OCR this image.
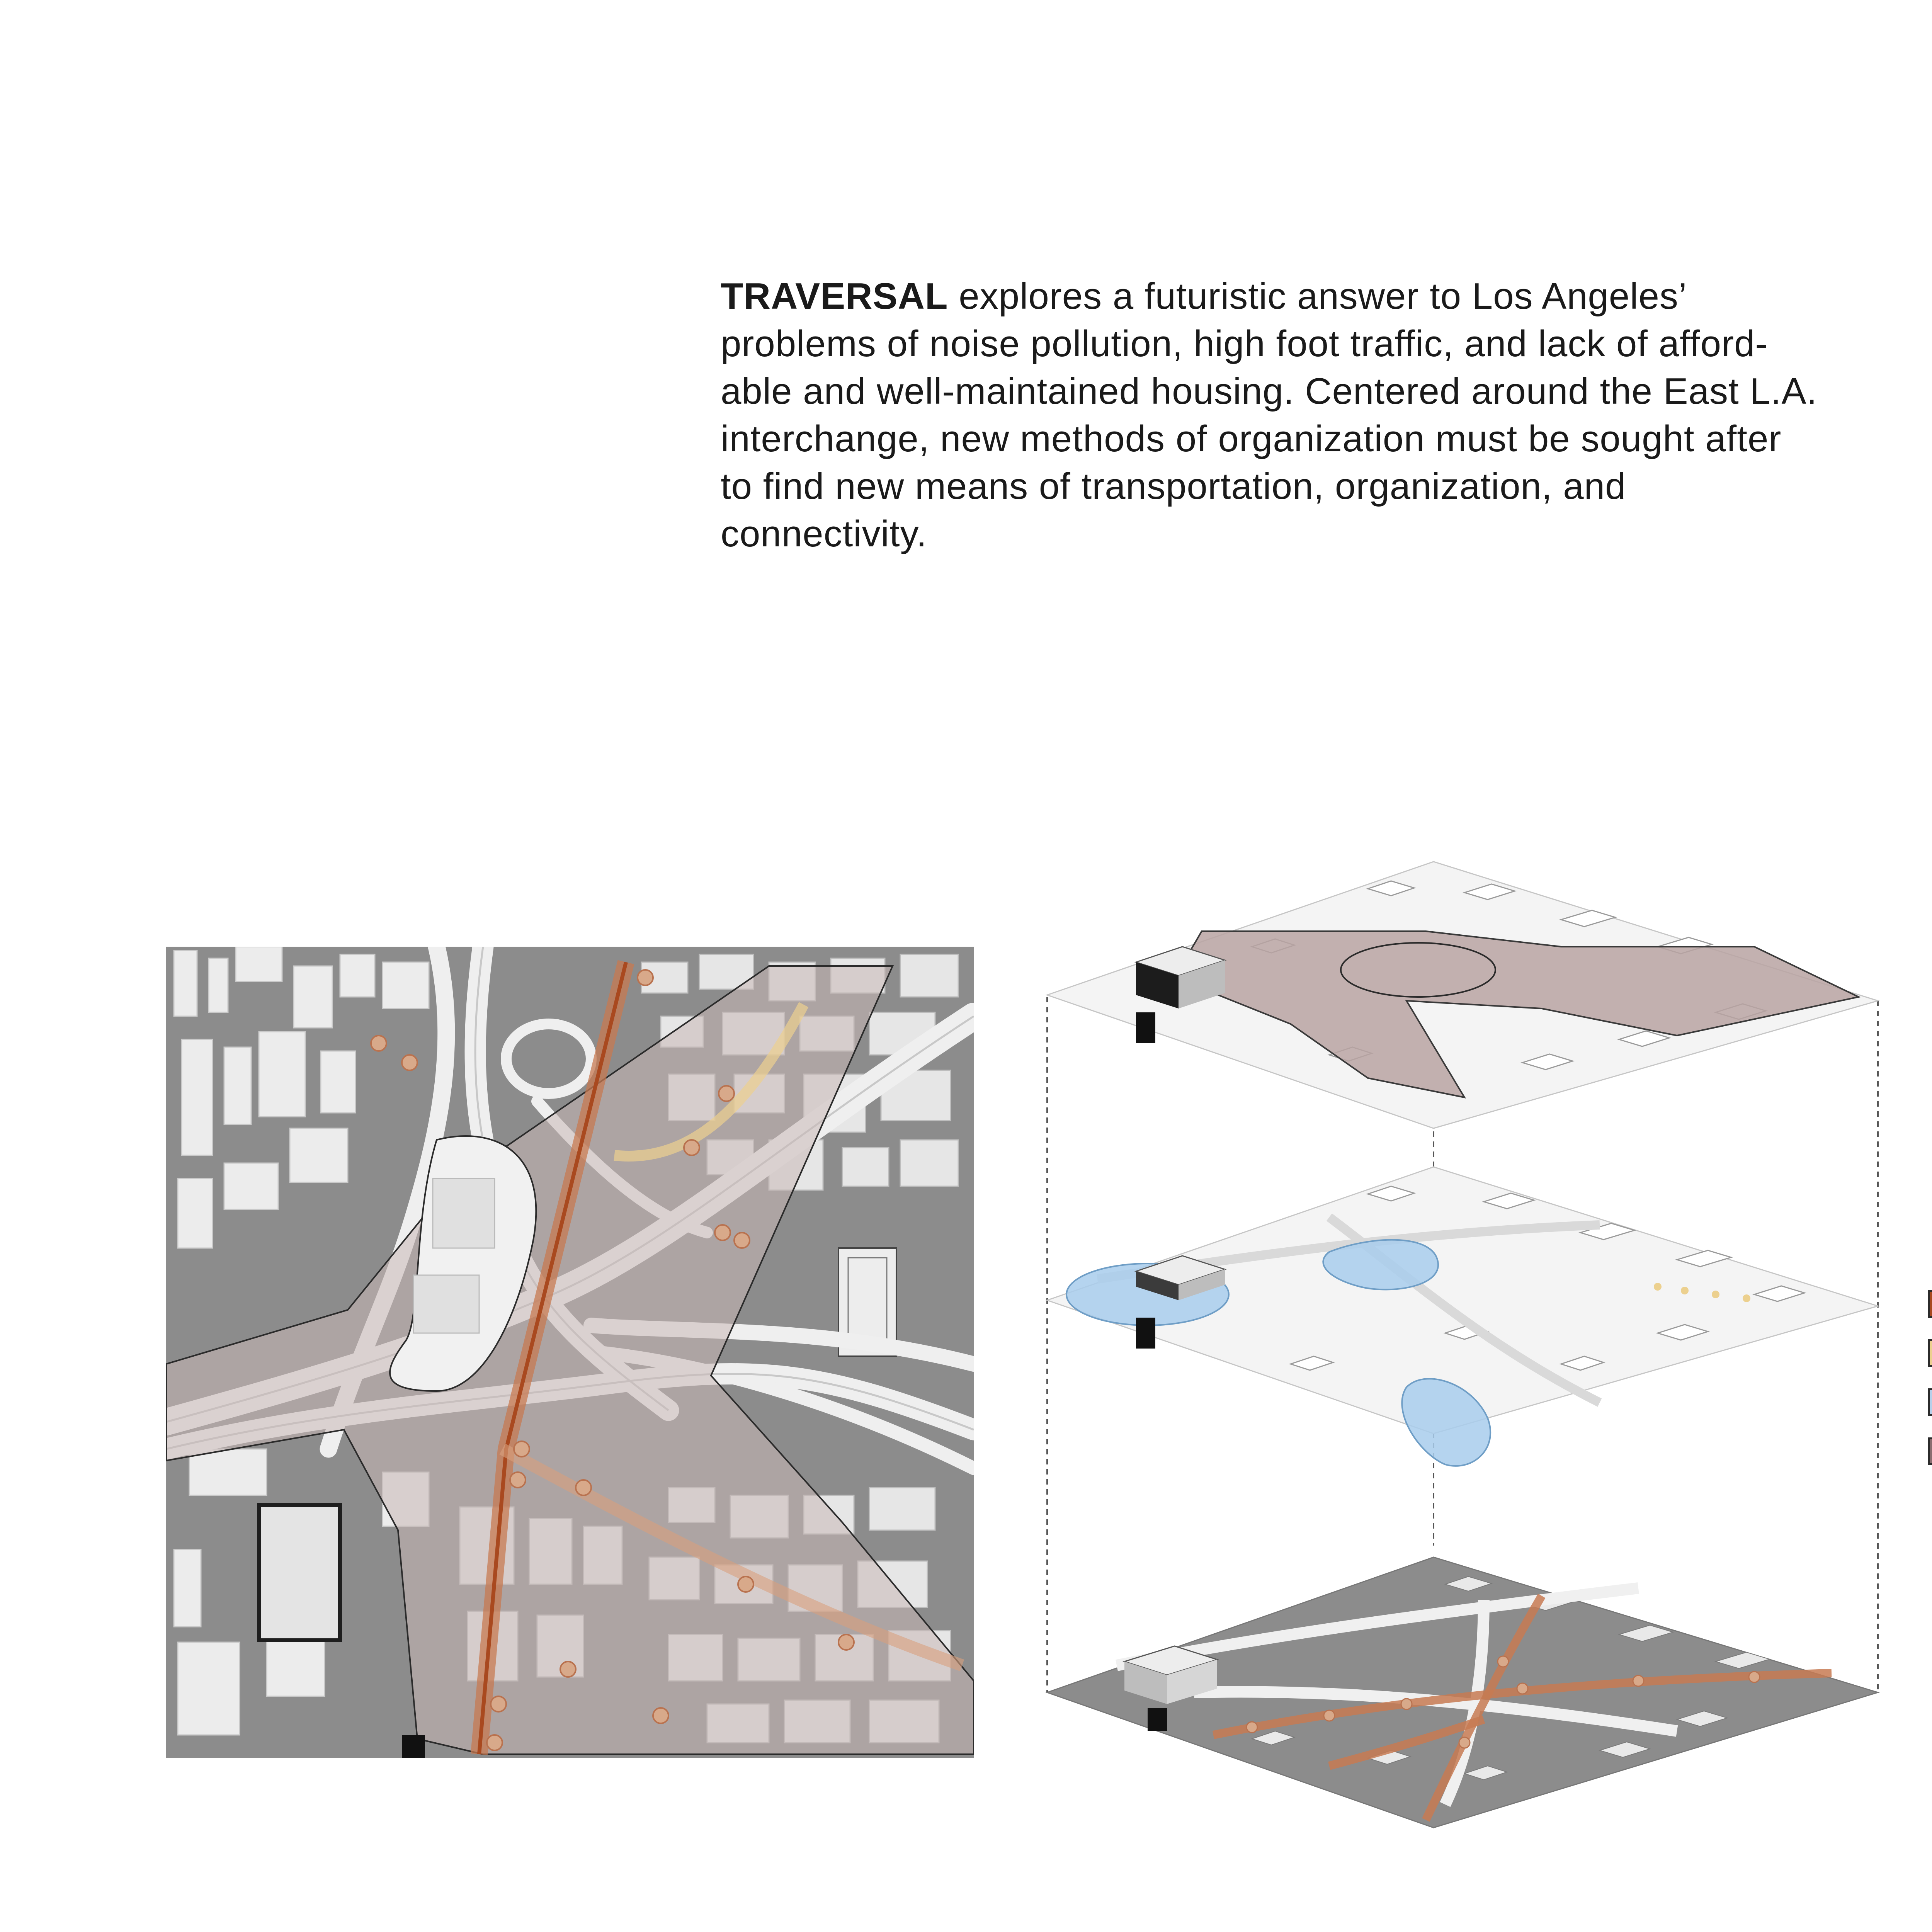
TRAVERSAL explores a futuristic answer to Los Angeles’
problems of noise pollution, high foot traffic, and lack of afford-
able and well-maintained housing. Centered around the East L.A.
interchange, new methods of organization must be sought after
to find new means of transportation, organization, and
connectivity.
